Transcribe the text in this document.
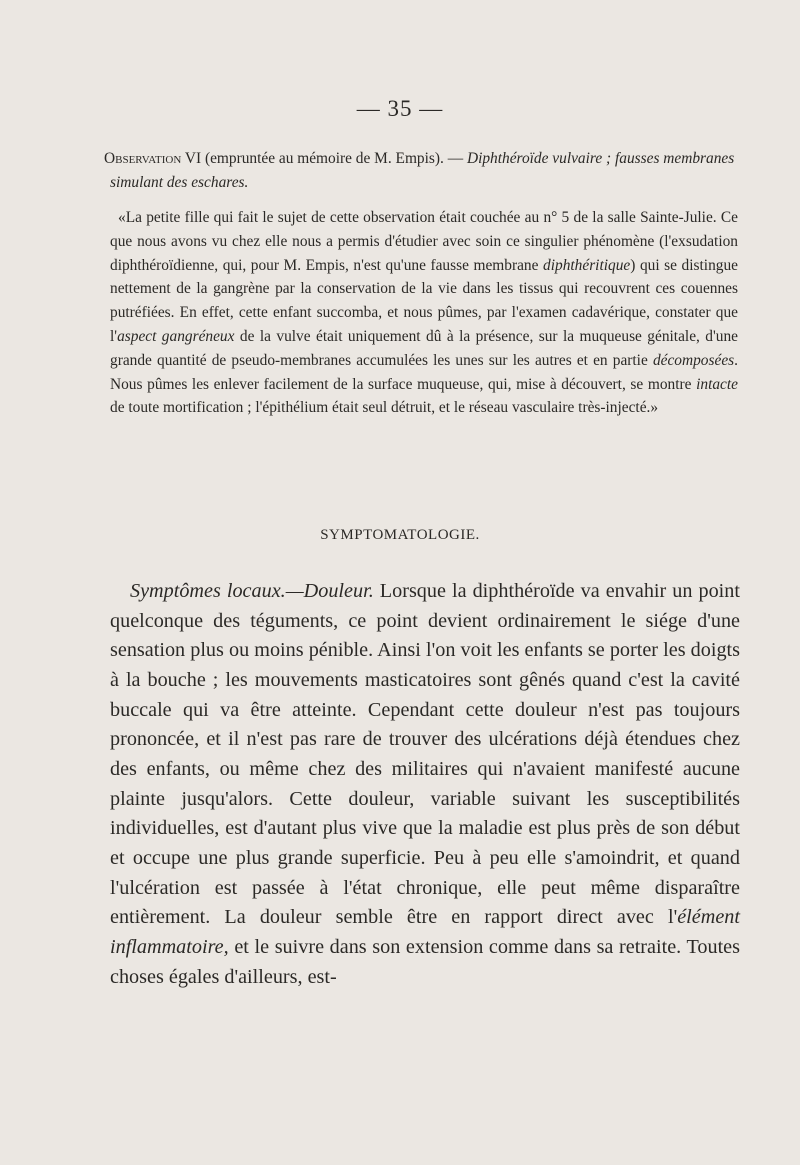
— 35 —
Observation VI (empruntée au mémoire de M. Empis). — Diphthéroïde vulvaire ; fausses membranes simulant des eschares.

«La petite fille qui fait le sujet de cette observation était couchée au n° 5 de la salle Sainte-Julie. Ce que nous avons vu chez elle nous a permis d'étudier avec soin ce singulier phénomène (l'exsudation diphthéroïdienne, qui, pour M. Empis, n'est qu'une fausse membrane diphthéritique) qui se distingue nettement de la gangrène par la conservation de la vie dans les tissus qui recouvrent ces couennes putréfiées. En effet, cette enfant succomba, et nous pûmes, par l'examen cadavérique, constater que l'aspect gangréneux de la vulve était uniquement dû à la présence, sur la muqueuse génitale, d'une grande quantité de pseudo-membranes accumulées les unes sur les autres et en partie décomposées. Nous pûmes les enlever facilement de la surface muqueuse, qui, mise à découvert, se montre intacte de toute mortification ; l'épithélium était seul détruit, et le réseau vasculaire très-injecté.»

SYMPTOMATOLOGIE.

Symptômes locaux.—Douleur. Lorsque la diphthéroïde va envahir un point quelconque des téguments, ce point devient ordinairement le siége d'une sensation plus ou moins pénible. Ainsi l'on voit les enfants se porter les doigts à la bouche ; les mouvements masticatoires sont gênés quand c'est la cavité buccale qui va être atteinte. Cependant cette douleur n'est pas toujours prononcée, et il n'est pas rare de trouver des ulcérations déjà étendues chez des enfants, ou même chez des militaires qui n'avaient manifesté aucune plainte jusqu'alors. Cette douleur, variable suivant les susceptibilités individuelles, est d'autant plus vive que la maladie est plus près de son début et occupe une plus grande superficie. Peu à peu elle s'amoindrit, et quand l'ulcération est passée à l'état chronique, elle peut même disparaître entièrement. La douleur semble être en rapport direct avec l'élément inflammatoire, et le suivre dans son extension comme dans sa retraite. Toutes choses égales d'ailleurs, est-
